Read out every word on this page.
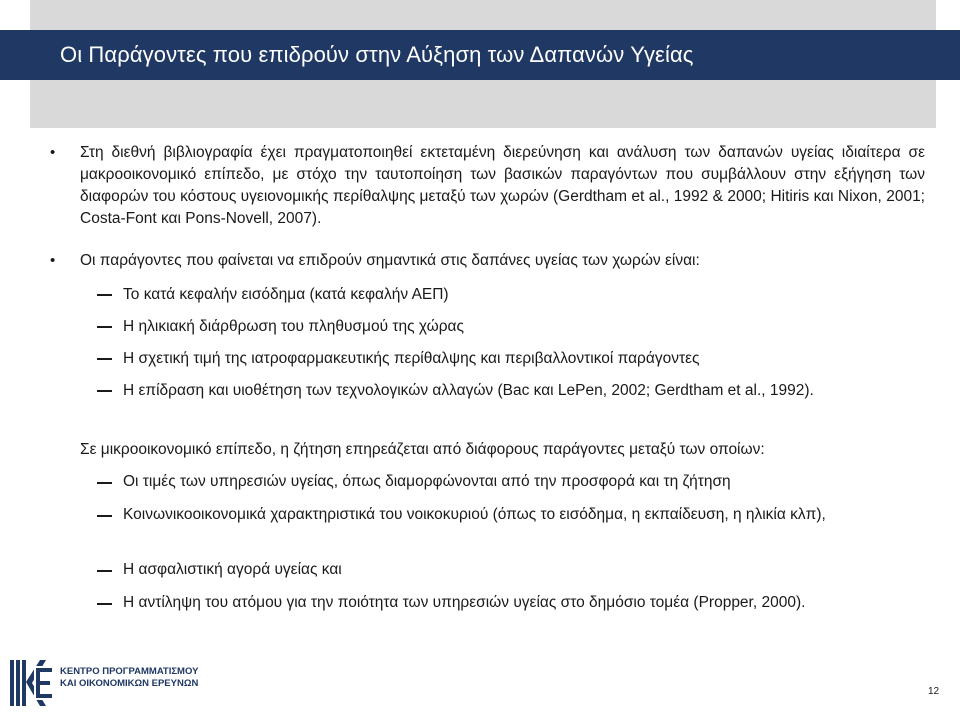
Οι Παράγοντες που επιδρούν στην Αύξηση των Δαπανών Υγείας
• Στη διεθνή βιβλιογραφία έχει πραγματοποιηθεί εκτεταμένη διερεύνηση και ανάλυση των δαπανών υγείας ιδιαίτερα σε μακροοικονομικό επίπεδο, με στόχο την ταυτοποίηση των βασικών παραγόντων που συμβάλλουν στην εξήγηση των διαφορών του κόστους υγειονομικής περίθαλψης μεταξύ των χωρών (Gerdtham et al., 1992 & 2000; Hitiris και Nixon, 2001; Costa-Font και Pons-Novell, 2007).
• Οι παράγοντες που φαίνεται να επιδρούν σημαντικά στις δαπάνες υγείας των χωρών είναι:
Το κατά κεφαλήν εισόδημα (κατά κεφαλήν ΑΕΠ)
Η ηλικιακή διάρθρωση του πληθυσμού της χώρας
Η σχετική τιμή της ιατροφαρμακευτικής περίθαλψης και περιβαλλοντικοί παράγοντες
Η επίδραση και υιοθέτηση των τεχνολογικών αλλαγών (Bac και LePen, 2002; Gerdtham et al., 1992).
Σε μικροοικονομικό επίπεδο, η ζήτηση επηρεάζεται από διάφορους παράγοντες μεταξύ των οποίων:
Οι τιμές των υπηρεσιών υγείας, όπως διαμορφώνονται από την προσφορά και τη ζήτηση
Κοινωνικοοικονομικά χαρακτηριστικά του νοικοκυριού (όπως το εισόδημα, η εκπαίδευση, η ηλικία κλπ),
Η ασφαλιστική αγορά υγείας και
Η αντίληψη του ατόμου για την ποιότητα των υπηρεσιών υγείας στο δημόσιο τομέα (Propper, 2000).
ΚΕΝΤΡΟ ΠΡΟΓΡΑΜΜΑΤΙΣΜΟΥ
ΚΑΙ ΟΙΚΟΝΟΜΙΚΩΝ ΕΡΕΥΝΩΝ
12
